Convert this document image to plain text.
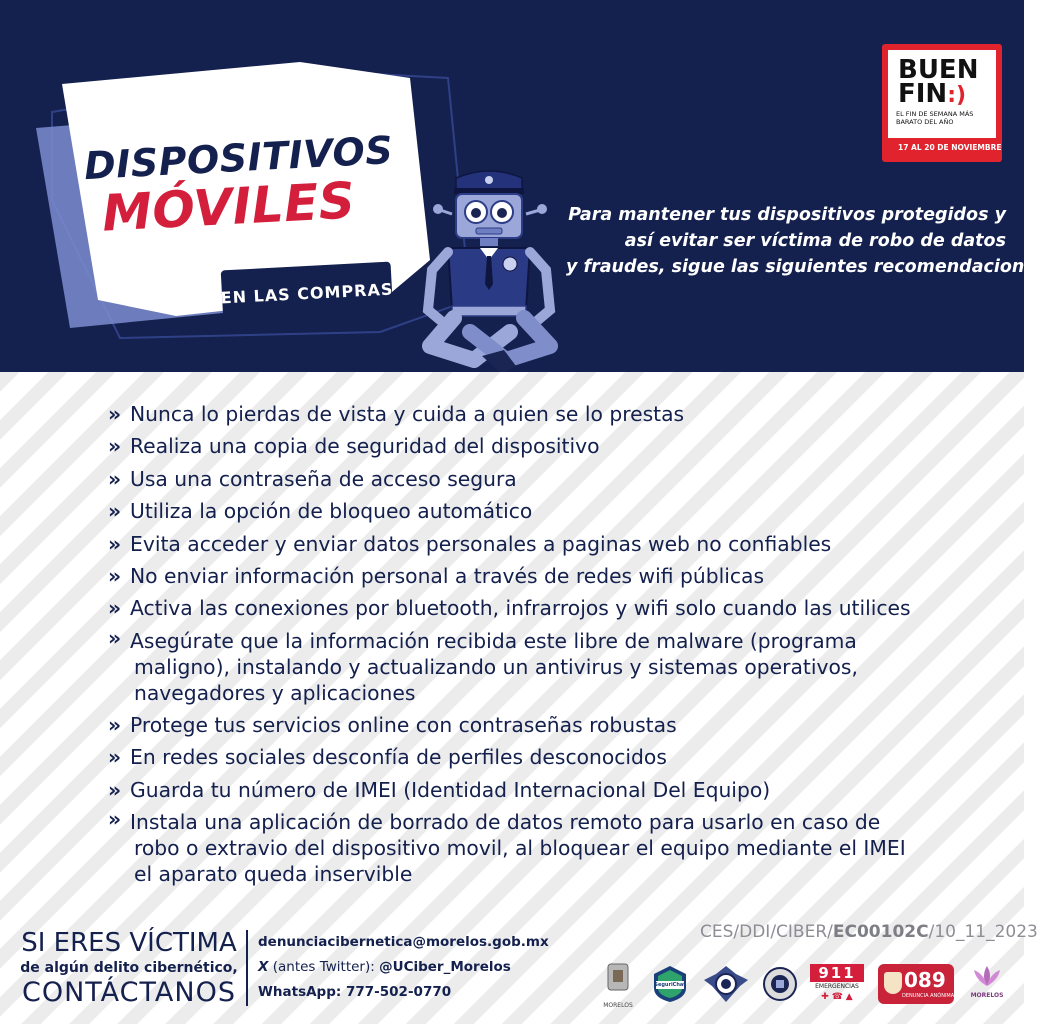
DISPOSITIVOS
MÓVILES
EN LAS COMPRAS
Para mantener tus dispositivos protegidos y
así evitar ser víctima de robo de datos
y fraudes, sigue las siguientes recomendaciones
BUEN
FIN:)
EL FIN DE SEMANA MÁS BARATO DEL AÑO
17 AL 20 DE NOVIEMBRE
» Nunca lo pierdas de vista y cuida a quien se lo prestas
» Realiza una copia de seguridad del dispositivo
» Usa una contraseña de acceso segura
» Utiliza la opción de bloqueo automático
» Evita acceder y enviar datos personales a paginas web no confiables
» No enviar información personal a través de redes wifi públicas
» Activa las conexiones por bluetooth, infrarrojos y wifi solo cuando las utilices
» Asegúrate que la información recibida este libre de malware (programa
maligno), instalando y actualizando un antivirus y sistemas operativos,
navegadores y aplicaciones
» Protege tus servicios online con contraseñas robustas
» En redes sociales desconfía de perfiles desconocidos
» Guarda tu número de IMEI (Identidad Internacional Del Equipo)
» Instala una aplicación de borrado de datos remoto para usarlo en caso de
robo o extravio del dispositivo movil, al bloquear el equipo mediante el IMEI
el aparato queda inservible
SI ERES VÍCTIMA
de algún delito cibernético,
CONTÁCTANOS
denunciacibernetica@morelos.gob.mx
X (antes Twitter): @UCiber_Morelos
WhatsApp: 777-502-0770
CES/DDI/CIBER/EC00102C/10_11_2023
MORELOS
SeguriChat
911
EMERGENCIAS
✚ ☎ ▲
089
DENUNCIA ANÓNIMA	MORELOS
